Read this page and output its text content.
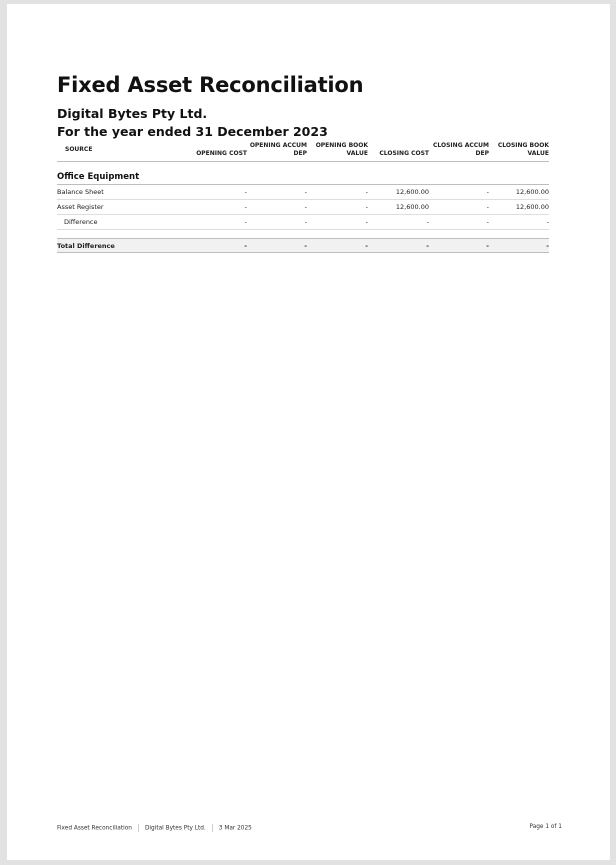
Fixed Asset Reconciliation
Digital Bytes Pty Ltd.
For the year ended 31 December 2023
SOURCE	OPENING COST	OPENING ACCUM DEP	OPENING BOOK VALUE	CLOSING COST	CLOSING ACCUM DEP	CLOSING BOOK VALUE
Office Equipment						
Balance Sheet	-	-	-	12,600.00	-	12,600.00
Asset Register	-	-	-	12,600.00	-	12,600.00
Difference	-	-	-	-	-	-

Total Difference	-	-	-	-	-	-
Fixed Asset Reconciliation Digital Bytes Pty Ltd. 3 Mar 2025	Page 1 of 1
